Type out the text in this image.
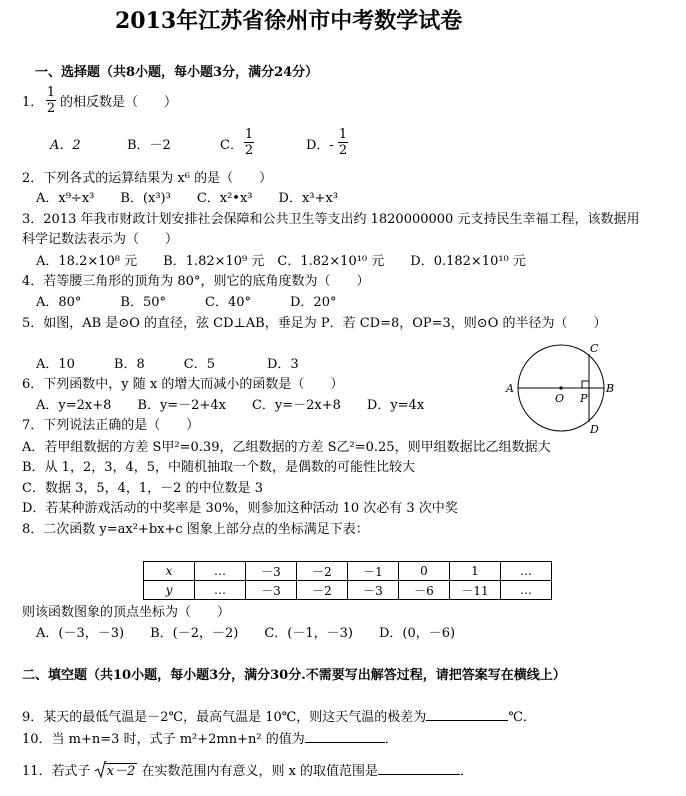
2013年江苏省徐州市中考数学试卷
一、选择题（共8小题，每小题3分，满分24分）
1．
1
2 的相反数是（　　）
A．2	B．－2	C．
1
2	D．-
1
2
2．下列各式的运算结果为 x⁶ 的是（　　）
A．x⁹÷x³　　B．(x³)³　　C．x²•x³　　D．x³+x³
3．2013 年我市财政计划安排社会保障和公共卫生等支出约 1820000000 元支持民生幸福工程，该数据用
科学记数法表示为（　　）
A．18.2×10⁸ 元　　B．1.82×10⁹ 元　C．1.82×10¹⁰ 元　　D．0.182×10¹⁰ 元
4．若等腰三角形的顶角为 80°，则它的底角度数为（　　）
A．80°　　　B．50°　　　C．40°　　　D．20°
5．如图，AB 是⊙O 的直径，弦 CD⊥AB，垂足为 P．若 CD=8，OP=3，则⊙O 的半径为（　　）
A．10　　　B．8　　　C．5　　　　D．3
A	B
C
D
O P
6．下列函数中，y 随 x 的增大而减小的函数是（　　）
A．y=2x+8　　B．y=－2+4x　　C．y=－2x+8　　D．y=4x
7．下列说法正确的是（　　）
A．若甲组数据的方差 S甲²=0.39，乙组数据的方差 S乙²=0.25，则甲组数据比乙组数据大
B．从 1，2，3，4，5，中随机抽取一个数，是偶数的可能性比较大
C．数据 3，5，4，1，－2 的中位数是 3
D．若某种游戏活动的中奖率是 30%，则参加这种活动 10 次必有 3 次中奖
8．二次函数 y=ax²+bx+c 图象上部分点的坐标满足下表：
x	…	－3	－2	－1	0	1	…
y	…	－3	－2	－3	－6	－11	…
则该函数图象的顶点坐标为（　　）
A．(－3，－3)　　B．(－2，－2)　　C．(－1，－3)　　D．(0，－6)
二、填空题（共10小题，每小题3分，满分30分.不需要写出解答过程，请把答案写在横线上）
9．某天的最低气温是－2℃，最高气温是 10℃，则这天气温的极差为	℃．
10．当 m+n=3 时，式子 m²+2mn+n² 的值为	．
11．若式子 x－2 在实数范围内有意义，则 x 的取值范围是	．
